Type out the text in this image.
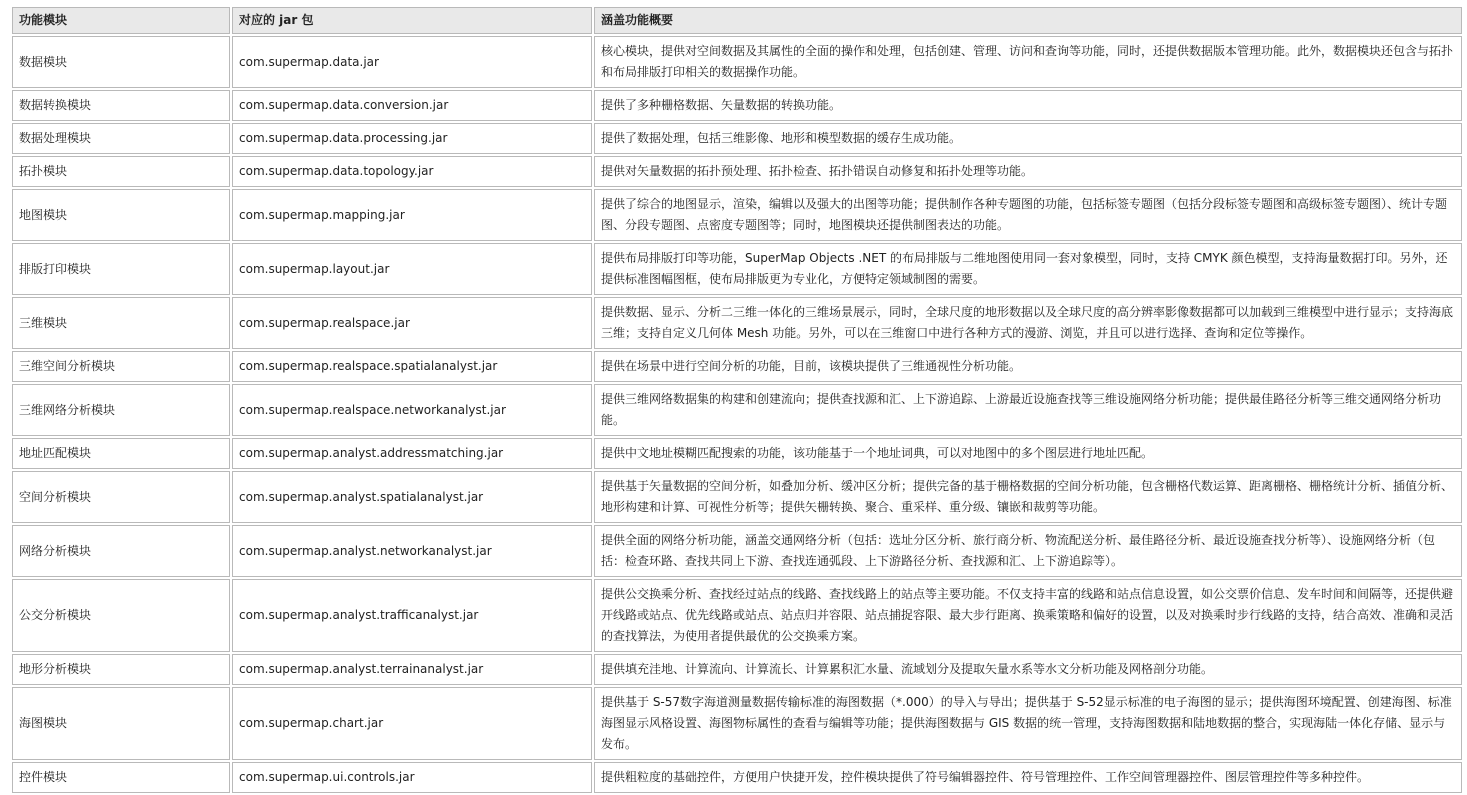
功能模块	对应的 jar 包	涵盖功能概要
数据模块	com.supermap.data.jar	核心模块，提供对空间数据及其属性的全面的操作和处理，包括创建、管理、访问和查询等功能，同时，还提供数据版本管理功能。此外，数据模块还包含与拓扑和布局排版打印相关的数据操作功能。
数据转换模块	com.supermap.data.conversion.jar	提供了多种栅格数据、矢量数据的转换功能。
数据处理模块	com.supermap.data.processing.jar	提供了数据处理，包括三维影像、地形和模型数据的缓存生成功能。
拓扑模块	com.supermap.data.topology.jar	提供对矢量数据的拓扑预处理、拓扑检查、拓扑错误自动修复和拓扑处理等功能。
地图模块	com.supermap.mapping.jar	提供了综合的地图显示，渲染，编辑以及强大的出图等功能；提供制作各种专题图的功能，包括标签专题图（包括分段标签专题图和高级标签专题图）、统计专题图、分段专题图、点密度专题图等；同时，地图模块还提供制图表达的功能。
排版打印模块	com.supermap.layout.jar	提供布局排版打印等功能，SuperMap Objects .NET 的布局排版与二维地图使用同一套对象模型，同时，支持 CMYK 颜色模型，支持海量数据打印。另外，还提供标准图幅图框，使布局排版更为专业化，方便特定领域制图的需要。
三维模块	com.supermap.realspace.jar	提供数据、显示、分析二三维一体化的三维场景展示，同时，全球尺度的地形数据以及全球尺度的高分辨率影像数据都可以加载到三维模型中进行显示；支持海底三维；支持自定义几何体 Mesh 功能。另外，可以在三维窗口中进行各种方式的漫游、浏览，并且可以进行选择、查询和定位等操作。
三维空间分析模块	com.supermap.realspace.spatialanalyst.jar	提供在场景中进行空间分析的功能，目前，该模块提供了三维通视性分析功能。
三维网络分析模块	com.supermap.realspace.networkanalyst.jar	提供三维网络数据集的构建和创建流向；提供查找源和汇、上下游追踪、上游最近设施查找等三维设施网络分析功能；提供最佳路径分析等三维交通网络分析功能。
地址匹配模块	com.supermap.analyst.addressmatching.jar	提供中文地址模糊匹配搜索的功能，该功能基于一个地址词典，可以对地图中的多个图层进行地址匹配。
空间分析模块	com.supermap.analyst.spatialanalyst.jar	提供基于矢量数据的空间分析，如叠加分析、缓冲区分析；提供完备的基于栅格数据的空间分析功能，包含栅格代数运算、距离栅格、栅格统计分析、插值分析、地形构建和计算、可视性分析等；提供矢栅转换、聚合、重采样、重分级、镶嵌和裁剪等功能。
网络分析模块	com.supermap.analyst.networkanalyst.jar	提供全面的网络分析功能，涵盖交通网络分析（包括：选址分区分析、旅行商分析、物流配送分析、最佳路径分析、最近设施查找分析等）、设施网络分析（包括：检查环路、查找共同上下游、查找连通弧段、上下游路径分析、查找源和汇、上下游追踪等）。
公交分析模块	com.supermap.analyst.trafficanalyst.jar	提供公交换乘分析、查找经过站点的线路、查找线路上的站点等主要功能。不仅支持丰富的线路和站点信息设置，如公交票价信息、发车时间和间隔等，还提供避开线路或站点、优先线路或站点、站点归并容限、站点捕捉容限、最大步行距离、换乘策略和偏好的设置，以及对换乘时步行线路的支持，结合高效、准确和灵活的查找算法，为使用者提供最优的公交换乘方案。
地形分析模块	com.supermap.analyst.terrainanalyst.jar	提供填充洼地、计算流向、计算流长、计算累积汇水量、流域划分及提取矢量水系等水文分析功能及网格剖分功能。
海图模块	com.supermap.chart.jar	提供基于 S-57数字海道测量数据传输标准的海图数据（*.000）的导入与导出；提供基于 S-52显示标准的电子海图的显示；提供海图环境配置、创建海图、标准海图显示风格设置、海图物标属性的查看与编辑等功能；提供海图数据与 GIS 数据的统一管理，支持海图数据和陆地数据的整合，实现海陆一体化存储、显示与发布。
控件模块	com.supermap.ui.controls.jar	提供粗粒度的基础控件，方便用户快捷开发，控件模块提供了符号编辑器控件、符号管理控件、工作空间管理器控件、图层管理控件等多种控件。
